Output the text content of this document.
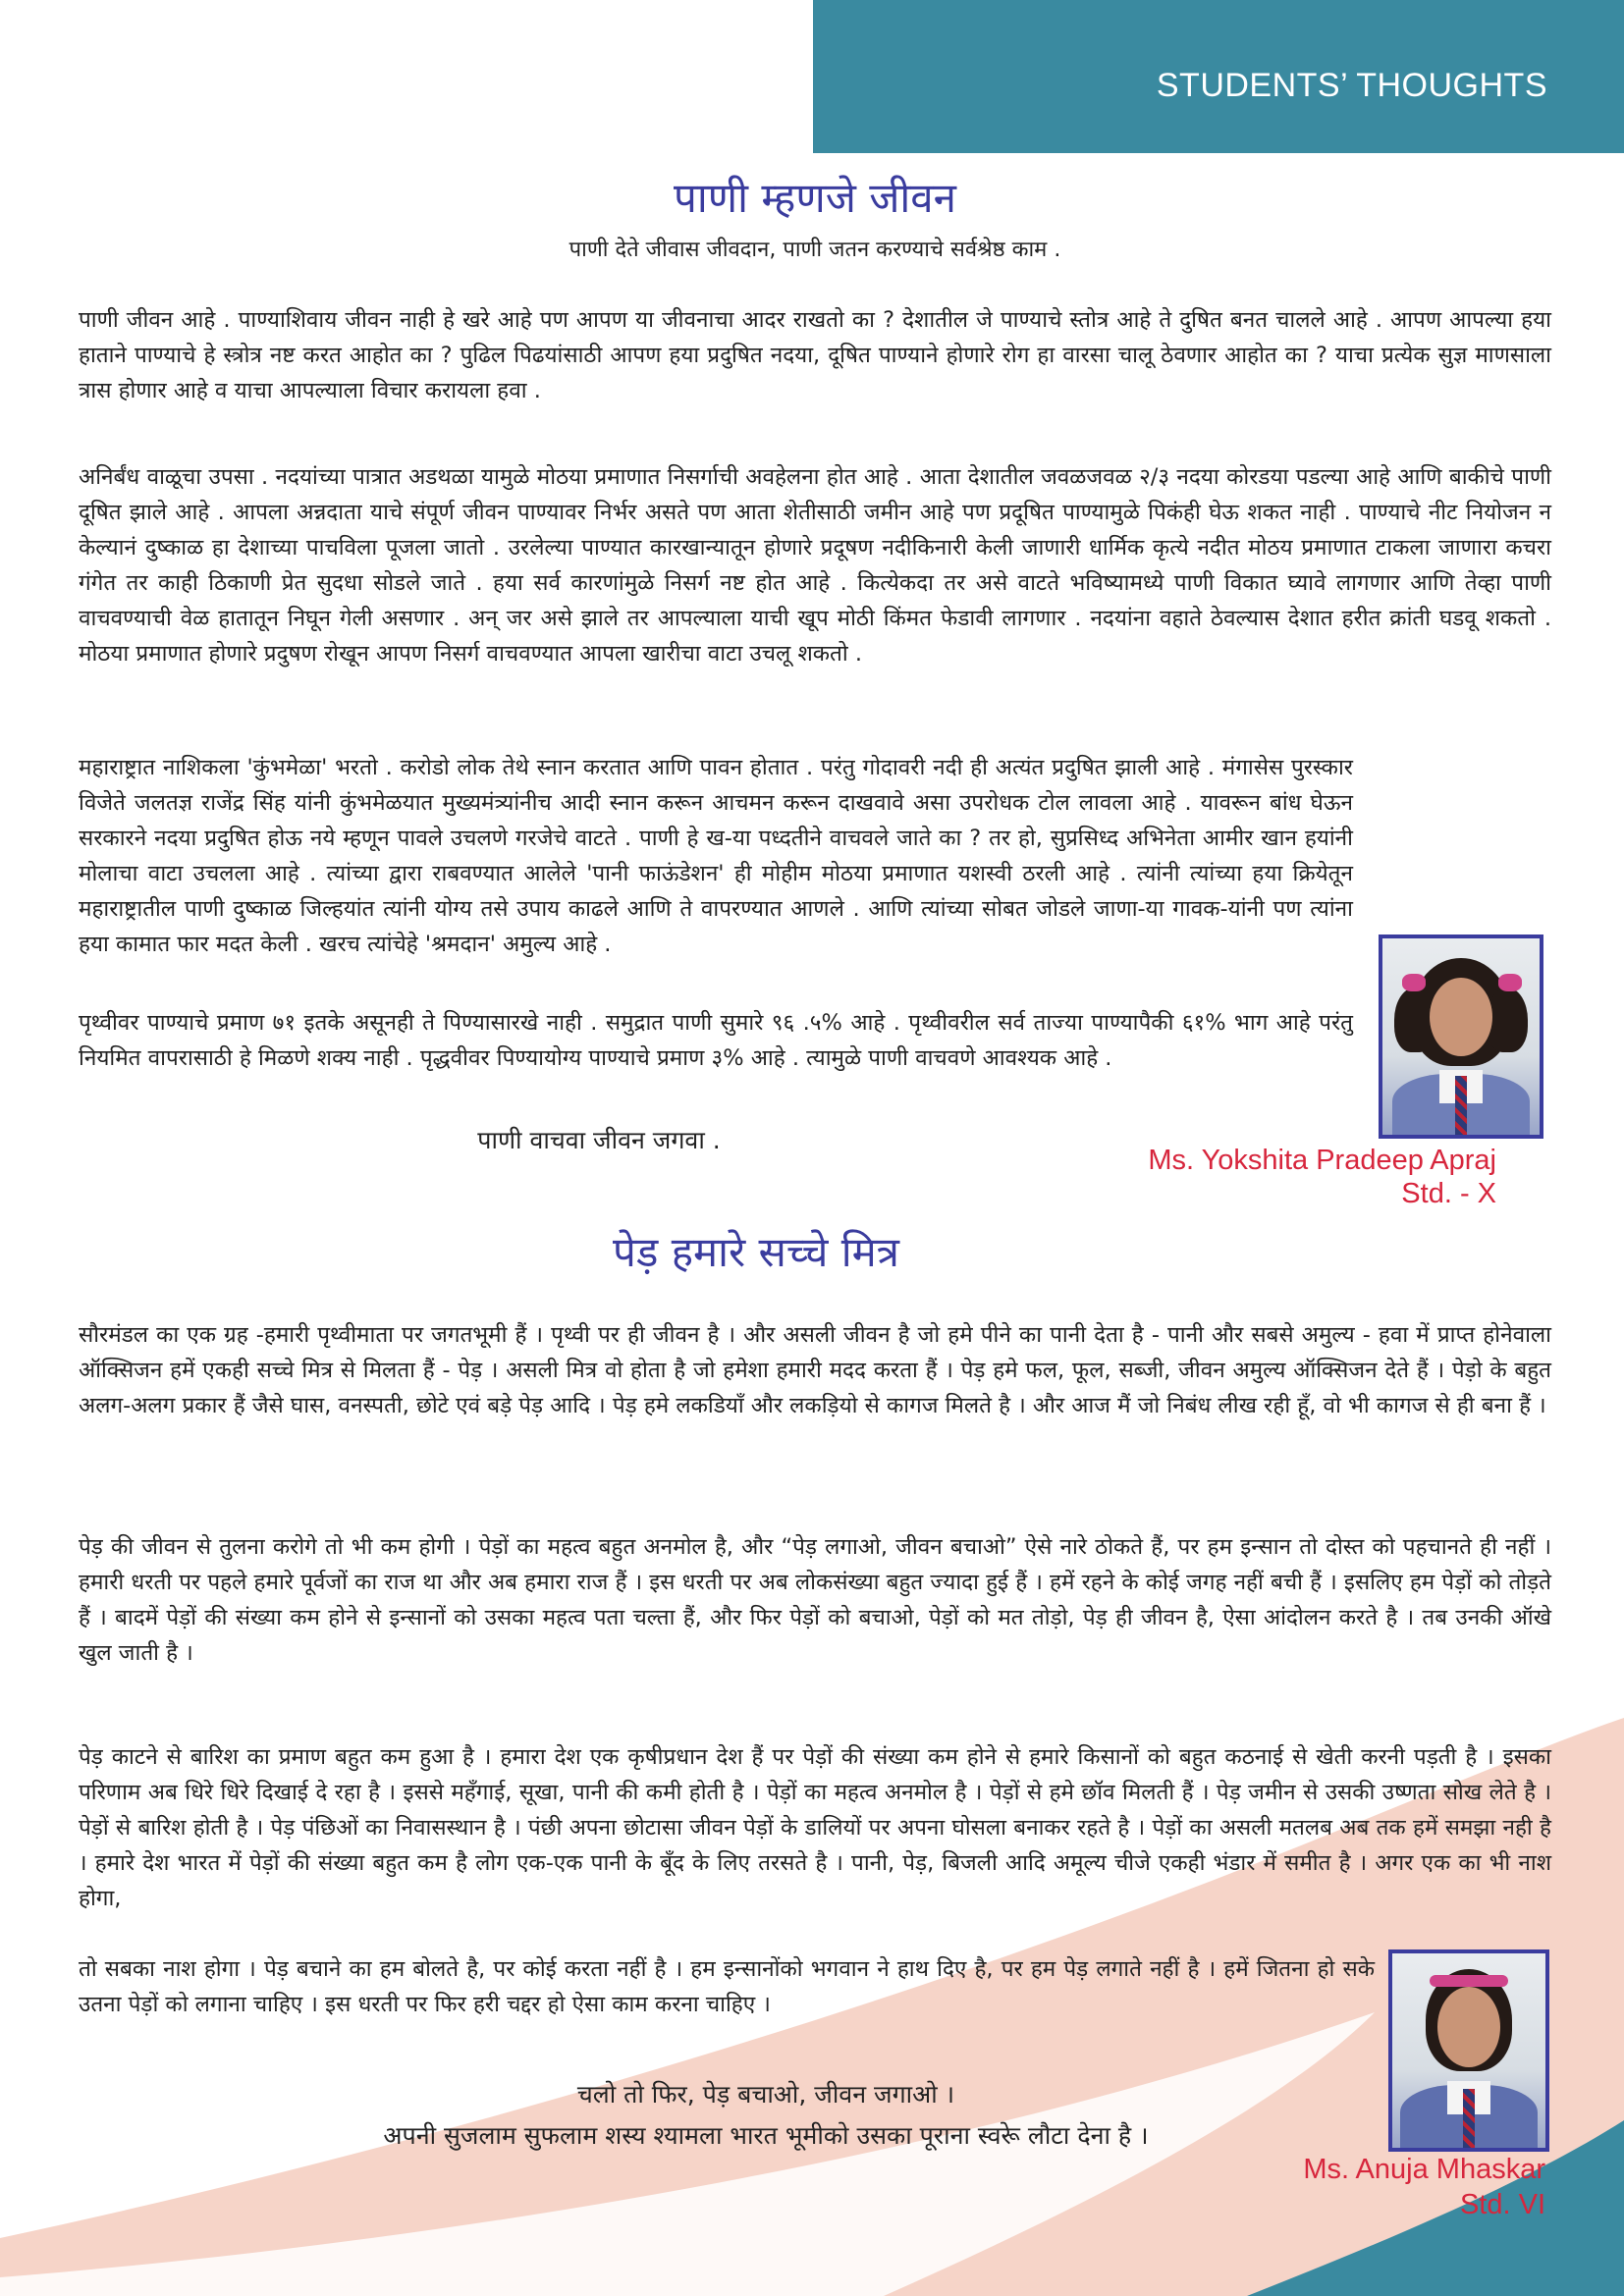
STUDENTS’ THOUGHTS
पाणी म्हणजे जीवन
पाणी देते जीवास जीवदान, पाणी जतन करण्याचे सर्वश्रेष्ठ काम .

पाणी जीवन आहे . पाण्याशिवाय जीवन नाही हे खरे आहे पण आपण या जीवनाचा आदर राखतो का ? देशातील जे पाण्याचे स्तोत्र आहे ते दुषित बनत चालले आहे . आपण आपल्या हया हाताने पाण्याचे हे स्त्रोत्र नष्ट करत आहोत का ? पुढिल पिढयांसाठी आपण हया प्रदुषित नदया, दूषित पाण्याने होणारे रोग हा वारसा चालू ठेवणार आहोत का ? याचा प्रत्येक सुज्ञ माणसाला त्रास होणार आहे व याचा आपल्याला विचार करायला हवा .

अनिर्बंध वाळूचा उपसा . नदयांच्या पात्रात अडथळा यामुळे मोठया प्रमाणात निसर्गाची अवहेलना होत आहे . आता देशातील जवळजवळ २/३ नदया कोरडया पडल्या आहे आणि बाकीचे पाणी दूषित झाले आहे . आपला अन्नदाता याचे संपूर्ण जीवन पाण्यावर निर्भर असते पण आता शेतीसाठी जमीन आहे पण प्रदूषित पाण्यामुळे पिकंही घेऊ शकत नाही . पाण्याचे नीट नियोजन न केल्यानं दुष्काळ हा देशाच्या पाचविला पूजला जातो . उरलेल्या पाण्यात कारखान्यातून होणारे प्रदूषण नदीकिनारी केली जाणारी धार्मिक कृत्ये नदीत मोठय प्रमाणात टाकला जाणारा कचरा गंगेत तर काही ठिकाणी प्रेत सुदधा सोडले जाते . हया सर्व कारणांमुळे निसर्ग नष्ट होत आहे . कित्येकदा तर असे वाटते भविष्यामध्ये पाणी विकात घ्यावे लागणार आणि तेव्हा पाणी वाचवण्याची वेळ हातातून निघून गेली असणार . अन् जर असे झाले तर आपल्याला याची खूप मोठी किंमत फेडावी लागणार . नदयांना वहाते ठेवल्यास देशात हरीत क्रांती घडवू शकतो . मोठया प्रमाणात होणारे प्रदुषण रोखून आपण निसर्ग वाचवण्यात आपला खारीचा वाटा उचलू शकतो .

महाराष्ट्रात नाशिकला 'कुंभमेळा' भरतो . करोडो लोक तेथे स्नान करतात आणि पावन होतात . परंतु गोदावरी नदी ही अत्यंत प्रदुषित झाली आहे . मंगासेस पुरस्कार विजेते जलतज्ञ राजेंद्र सिंह यांनी कुंभमेळयात मुख्यमंत्र्यांनीच आदी स्नान करून आचमन करून दाखवावे असा उपरोधक टोल लावला आहे . यावरून बांध घेऊन सरकारने नदया प्रदुषित होऊ नये म्हणून पावले उचलणे गरजेचे वाटते . पाणी हे ख-या पध्दतीने वाचवले जाते का ? तर हो, सुप्रसिध्द अभिनेता आमीर खान हयांनी मोलाचा वाटा उचलला आहे . त्यांच्या द्वारा राबवण्यात आलेले 'पानी फाऊंडेशन' ही मोहीम मोठया प्रमाणात यशस्वी ठरली आहे . त्यांनी त्यांच्या हया क्रियेतून महाराष्ट्रातील पाणी दुष्काळ जिल्हयांत त्यांनी योग्य तसे उपाय काढले आणि ते वापरण्यात आणले . आणि त्यांच्या सोबत जोडले जाणा-या गावक-यांनी पण त्यांना हया कामात फार मदत केली . खरच त्यांचेहे 'श्रमदान' अमुल्य आहे .

पृथ्वीवर पाण्याचे प्रमाण ७१ इतके असूनही ते पिण्यासारखे नाही . समुद्रात पाणी सुमारे ९६ .५% आहे . पृथ्वीवरील सर्व ताज्या पाण्यापैकी ६१% भाग आहे परंतु नियमित वापरासाठी हे मिळणे शक्य नाही . पृद्धवीवर पिण्यायोग्य पाण्याचे प्रमाण ३% आहे . त्यामुळे पाणी वाचवणे आवश्यक आहे .

पाणी वाचवा जीवन जगवा .
पेड़ हमारे सच्चे मित्र

सौरमंडल का एक ग्रह -हमारी पृथ्वीमाता पर जगतभूमी हैं । पृथ्वी पर ही जीवन है । और असली जीवन है जो हमे पीने का पानी देता है - पानी और सबसे अमुल्य - हवा में प्राप्त होनेवाला ऑक्सिजन हमें एकही सच्चे मित्र से मिलता हैं - पेड़ । असली मित्र वो होता है जो हमेशा हमारी मदद करता हैं । पेड़ हमे फल, फूल, सब्जी, जीवन अमुल्य ऑक्सिजन देते हैं । पेड़ो के बहुत अलग-अलग प्रकार हैं जैसे घास, वनस्पती, छोटे एवं बड़े पेड़ आदि । पेड़ हमे लकडियाँ और लकड़ियो से कागज मिलते है । और आज मैं जो निबंध लीख रही हूँ, वो भी कागज से ही बना हैं ।

पेड़ की जीवन से तुलना करोगे तो भी कम होगी । पेड़ों का महत्व बहुत अनमोल है, और “पेड़ लगाओ, जीवन बचाओ” ऐसे नारे ठोकते हैं, पर हम इन्सान तो दोस्त को पहचानते ही नहीं । हमारी धरती पर पहले हमारे पूर्वजों का राज था और अब हमारा राज हैं । इस धरती पर अब लोकसंख्या बहुत ज्यादा हुई हैं । हमें रहने के कोई जगह नहीं बची हैं । इसलिए हम पेड़ों को तोड़ते हैं । बादमें पेड़ों की संख्या कम होने से इन्सानों को उसका महत्व पता चल्ता हैं, और फिर पेड़ों को बचाओ, पेड़ों को मत तोड़ो, पेड़ ही जीवन है, ऐसा आंदोलन करते है । तब उनकी ऑखे खुल जाती है ।

पेड़ काटने से बारिश का प्रमाण बहुत कम हुआ है । हमारा देश एक कृषीप्रधान देश हैं पर पेड़ों की संख्या कम होने से हमारे किसानों को बहुत कठनाई से खेती करनी पड़ती है । इसका परिणाम अब धिरे धिरे दिखाई दे रहा है । इससे महँगाई, सूखा, पानी की कमी होती है । पेड़ों का महत्व अनमोल है । पेड़ों से हमे छॉव मिलती हैं । पेड़ जमीन से उसकी उष्णता सोख लेते है । पेड़ों से बारिश होती है । पेड़ पंछिओं का निवासस्थान है । पंछी अपना छोटासा जीवन पेड़ों के डालियों पर अपना घोसला बनाकर रहते है । पेड़ों का असली मतलब अब तक हमें समझा नही है । हमारे देश भारत में पेड़ों की संख्या बहुत कम है लोग एक-एक पानी के बूँद के लिए तरसते है । पानी, पेड़, बिजली आदि अमूल्य चीजे एकही भंडार में समीत है । अगर एक का भी नाश होगा,

तो सबका नाश होगा । पेड़ बचाने का हम बोलते है, पर कोई करता नहीं है । हम इन्सानोंको भगवान ने हाथ दिए है, पर हम पेड़ लगाते नहीं है । हमें जितना हो सके उतना पेड़ों को लगाना चाहिए । इस धरती पर फिर हरी चद्दर हो ऐसा काम करना चाहिए ।

चलो तो फिर, पेड़ बचाओ, जीवन जगाओ ।
अपनी सुजलाम सुफलाम शस्य श्यामला भारत भूमीको उसका पूराना स्वरूे लौटा देना है ।
Ms. Yokshita Pradeep Apraj
Std. - X
Ms. Anuja Mhaskar
Std. VI
